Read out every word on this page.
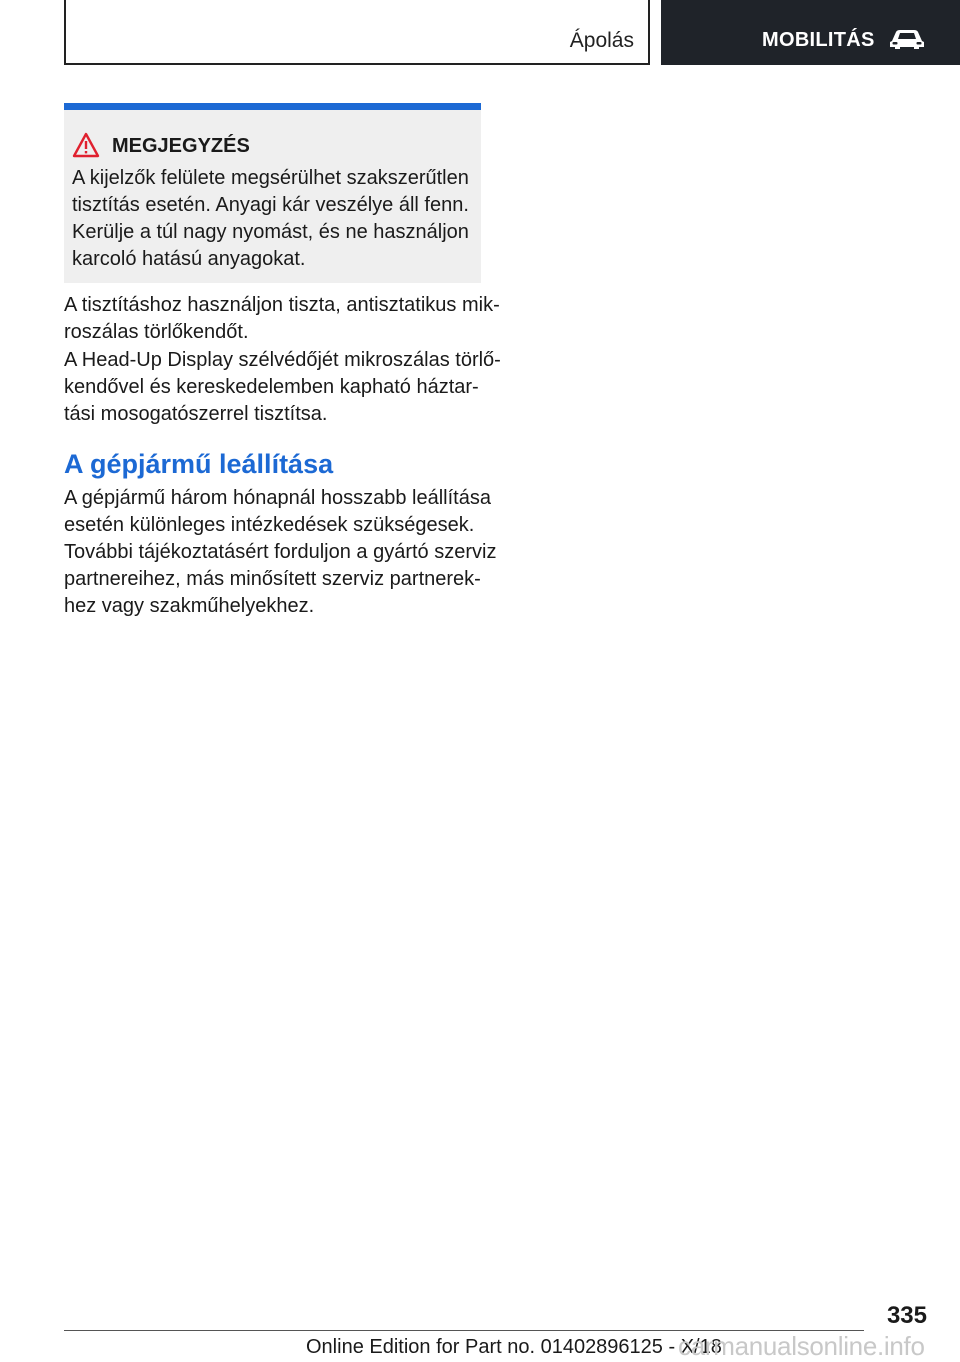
Ápolás	MOBILITÁS
MEGJEGYZÉS
A kijelzők felülete megsérülhet szakszerűtlen
tisztítás esetén. Anyagi kár veszélye áll fenn.
Kerülje a túl nagy nyomást, és ne használjon
karcoló hatású anyagokat.
A tisztításhoz használjon tiszta, antisztatikus mik-
roszálas törlőkendőt.
A Head-Up Display szélvédőjét mikroszálas törlő-
kendővel és kereskedelemben kapható háztar-
tási mosogatószerrel tisztítsa.
A gépjármű leállítása
A gépjármű három hónapnál hosszabb leállítása
esetén különleges intézkedések szükségesek.
További tájékoztatásért forduljon a gyártó szerviz
partnereihez, más minősített szerviz partnerek-
hez vagy szakműhelyekhez.
335
Online Edition for Part no. 01402896125 - X/18
carmanualsonline.info
